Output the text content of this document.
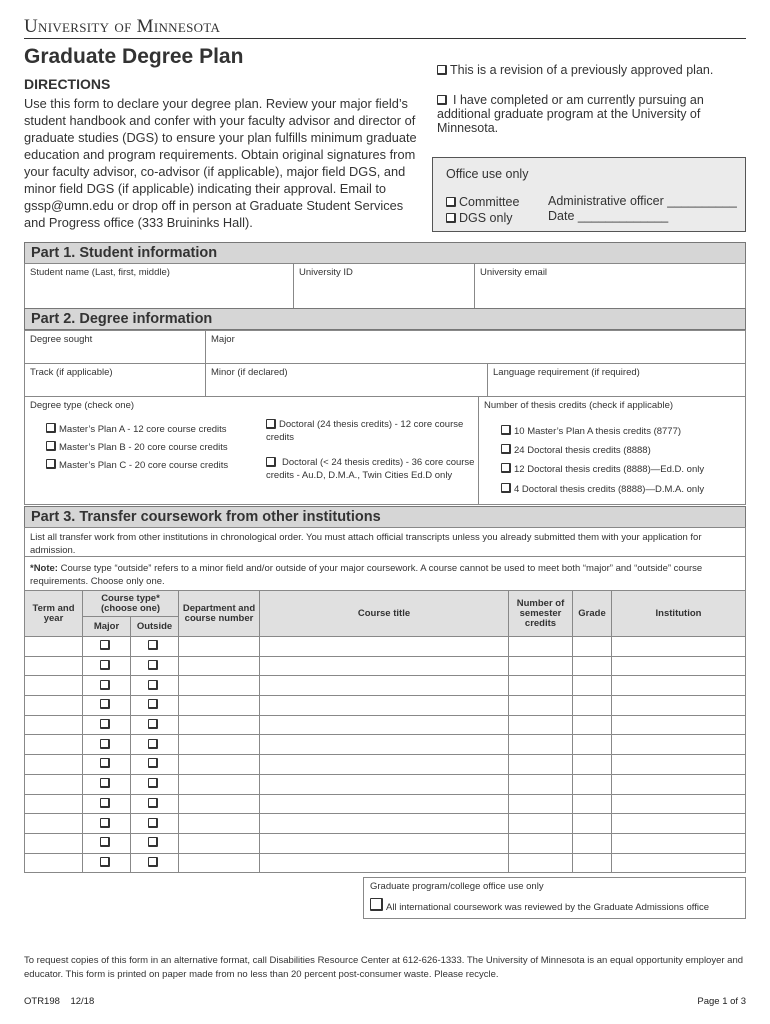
University of Minnesota
Graduate Degree Plan
DIRECTIONS
Use this form to declare your degree plan. Review your major field’s student handbook and confer with your faculty advisor and director of graduate studies (DGS) to ensure your plan fulfills minimum graduate education and program requirements. Obtain original signatures from your faculty advisor, co-advisor (if applicable), major field DGS, and minor field DGS (if applicable) indicating their approval. Email to gssp@umn.edu or drop off in person at Graduate Student Services and Progress office (333 Bruininks Hall).
This is a revision of a previously approved plan.
I have completed or am currently pursuing an additional graduate program at the University of Minnesota.
Office use only
Committee
DGS only
Administrative officer __________
Date _____________
Part 1. Student information
Student name (Last, first, middle)	University ID	University email
Part 2. Degree information
Degree sought	Major
Track (if applicable)	Minor (if declared)	Language requirement (if required)
Degree type (check one)	Number of thesis credits (check if applicable)
Master’s Plan A - 12 core course credits
Master’s Plan B - 20 core course credits
Master’s Plan C - 20 core course credits
Doctoral (24 thesis credits) - 12 core course credits
Doctoral (< 24 thesis credits) - 36 core course credits - Au.D, D.M.A., Twin Cities Ed.D only
10 Master’s Plan A thesis credits (8777)
24 Doctoral thesis credits (8888)
12 Doctoral thesis credits (8888)—Ed.D. only
4 Doctoral thesis credits (8888)—D.M.A. only
Part 3. Transfer coursework from other institutions
List all transfer work from other institutions in chronological order. You must attach official transcripts unless you already submitted them with your application for admission.
*Note: Course type “outside” refers to a minor field and/or outside of your major coursework. A course cannot be used to meet both “major” and “outside” course requirements. Choose only one.
Term and year	Course type* (choose one)		Department and course number	Course title	Number of semester credits	Grade	Institution
	Major	Outside					

Graduate program/college office use only
All international coursework was reviewed by the Graduate Admissions office
To request copies of this form in an alternative format, call Disabilities Resource Center at 612-626-1333. The University of Minnesota is an equal opportunity employer and educator. This form is printed on paper made from no less than 20 percent post-consumer waste. Please recycle.
OTR198 12/18	Page 1 of 3
